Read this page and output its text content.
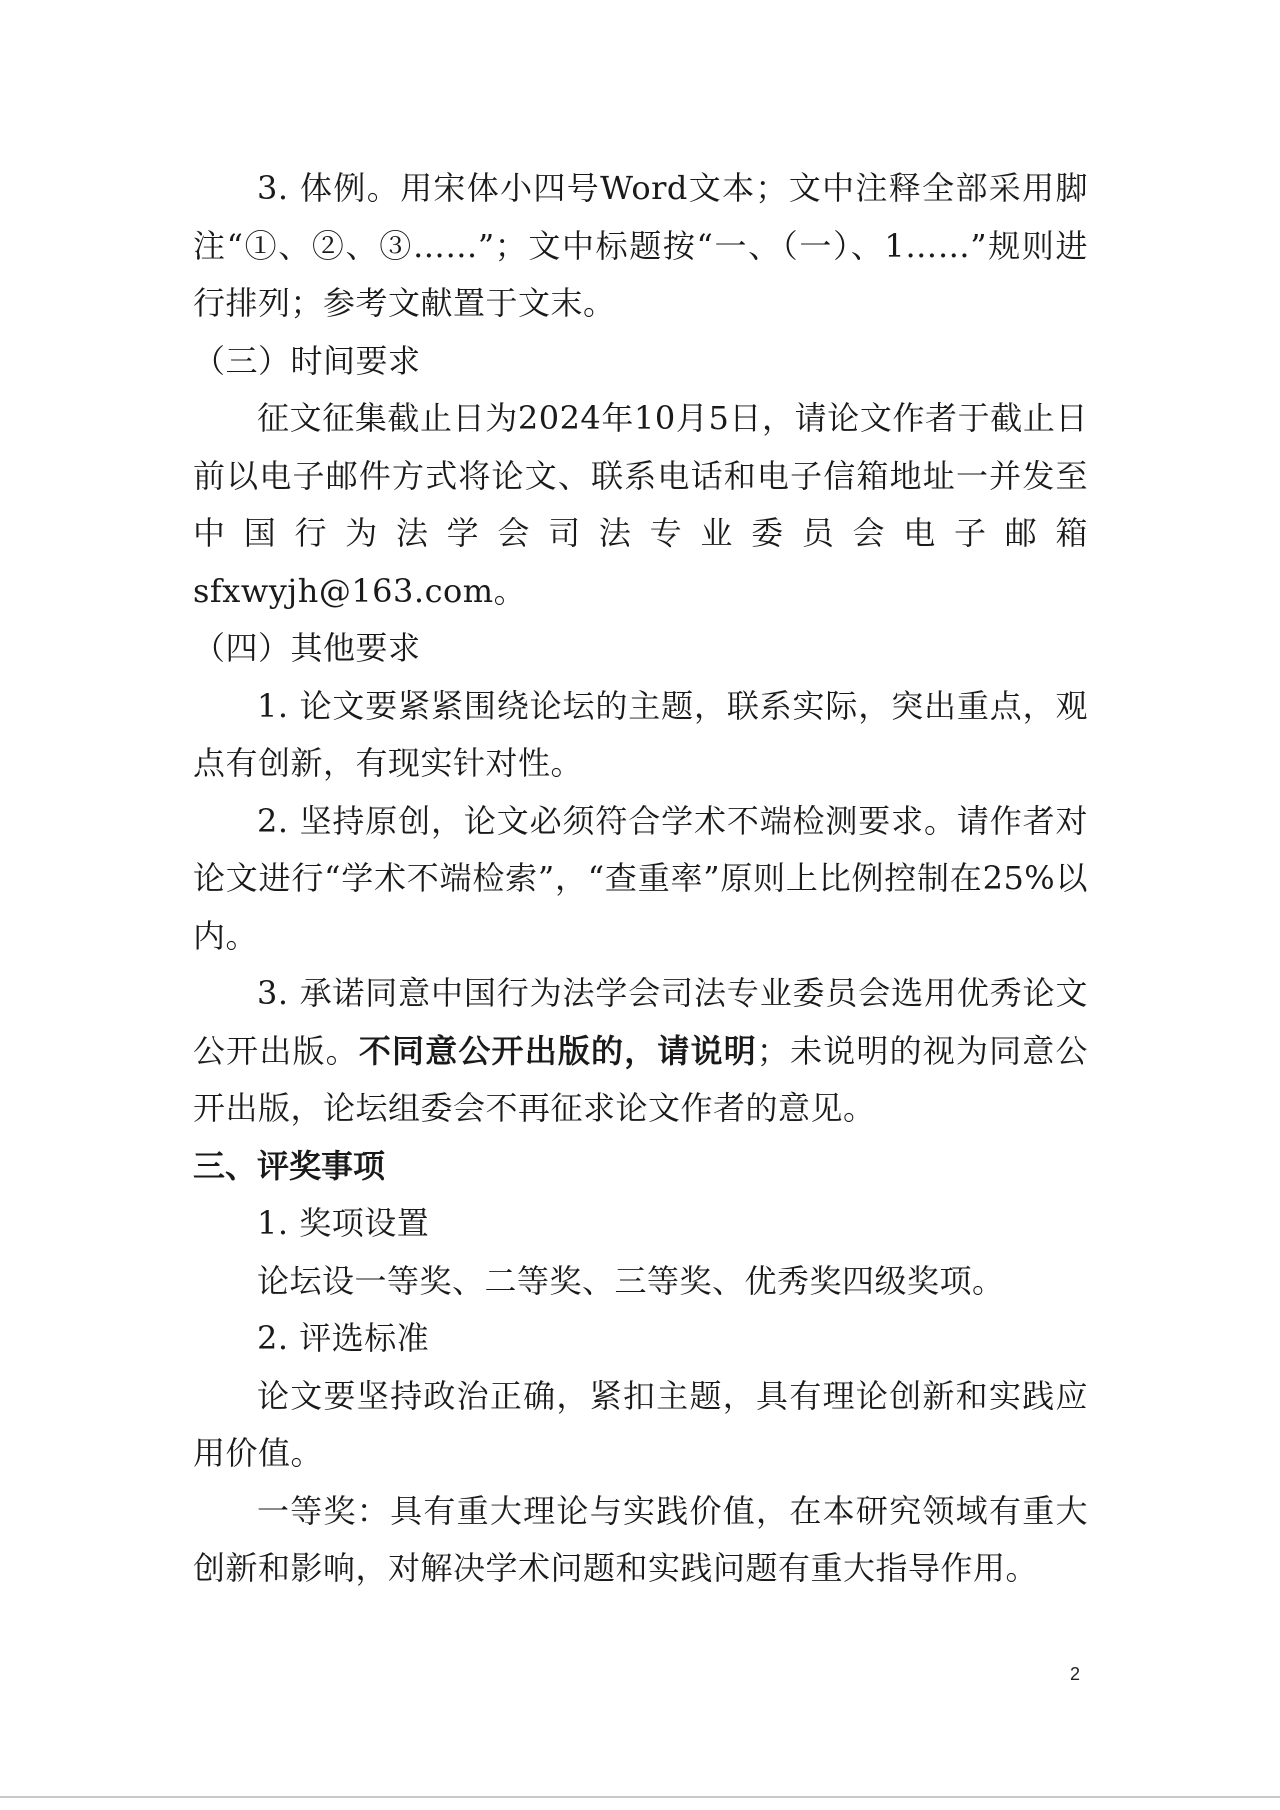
3. 体例。用宋体小四号Word文本；文中注释全部采用脚注“①、②、③……”；文中标题按“一、（一）、1……”规则进行排列；参考文献置于文末。

（三）时间要求

征文征集截止日为2024年10月5日，请论文作者于截止日前以电子邮件方式将论文、联系电话和电子信箱地址一并发至中国行为法学会司法专业委员会电子邮箱 sfxwyjh@163.com。

（四）其他要求

1. 论文要紧紧围绕论坛的主题，联系实际，突出重点，观点有创新，有现实针对性。

2. 坚持原创，论文必须符合学术不端检测要求。请作者对论文进行“学术不端检索”，“查重率”原则上比例控制在25%以内。

3. 承诺同意中国行为法学会司法专业委员会选用优秀论文公开出版。不同意公开出版的，请说明；未说明的视为同意公开出版，论坛组委会不再征求论文作者的意见。

三、评奖事项

1. 奖项设置

论坛设一等奖、二等奖、三等奖、优秀奖四级奖项。

2. 评选标准

论文要坚持政治正确，紧扣主题，具有理论创新和实践应用价值。

一等奖：具有重大理论与实践价值，在本研究领域有重大创新和影响，对解决学术问题和实践问题有重大指导作用。

2
